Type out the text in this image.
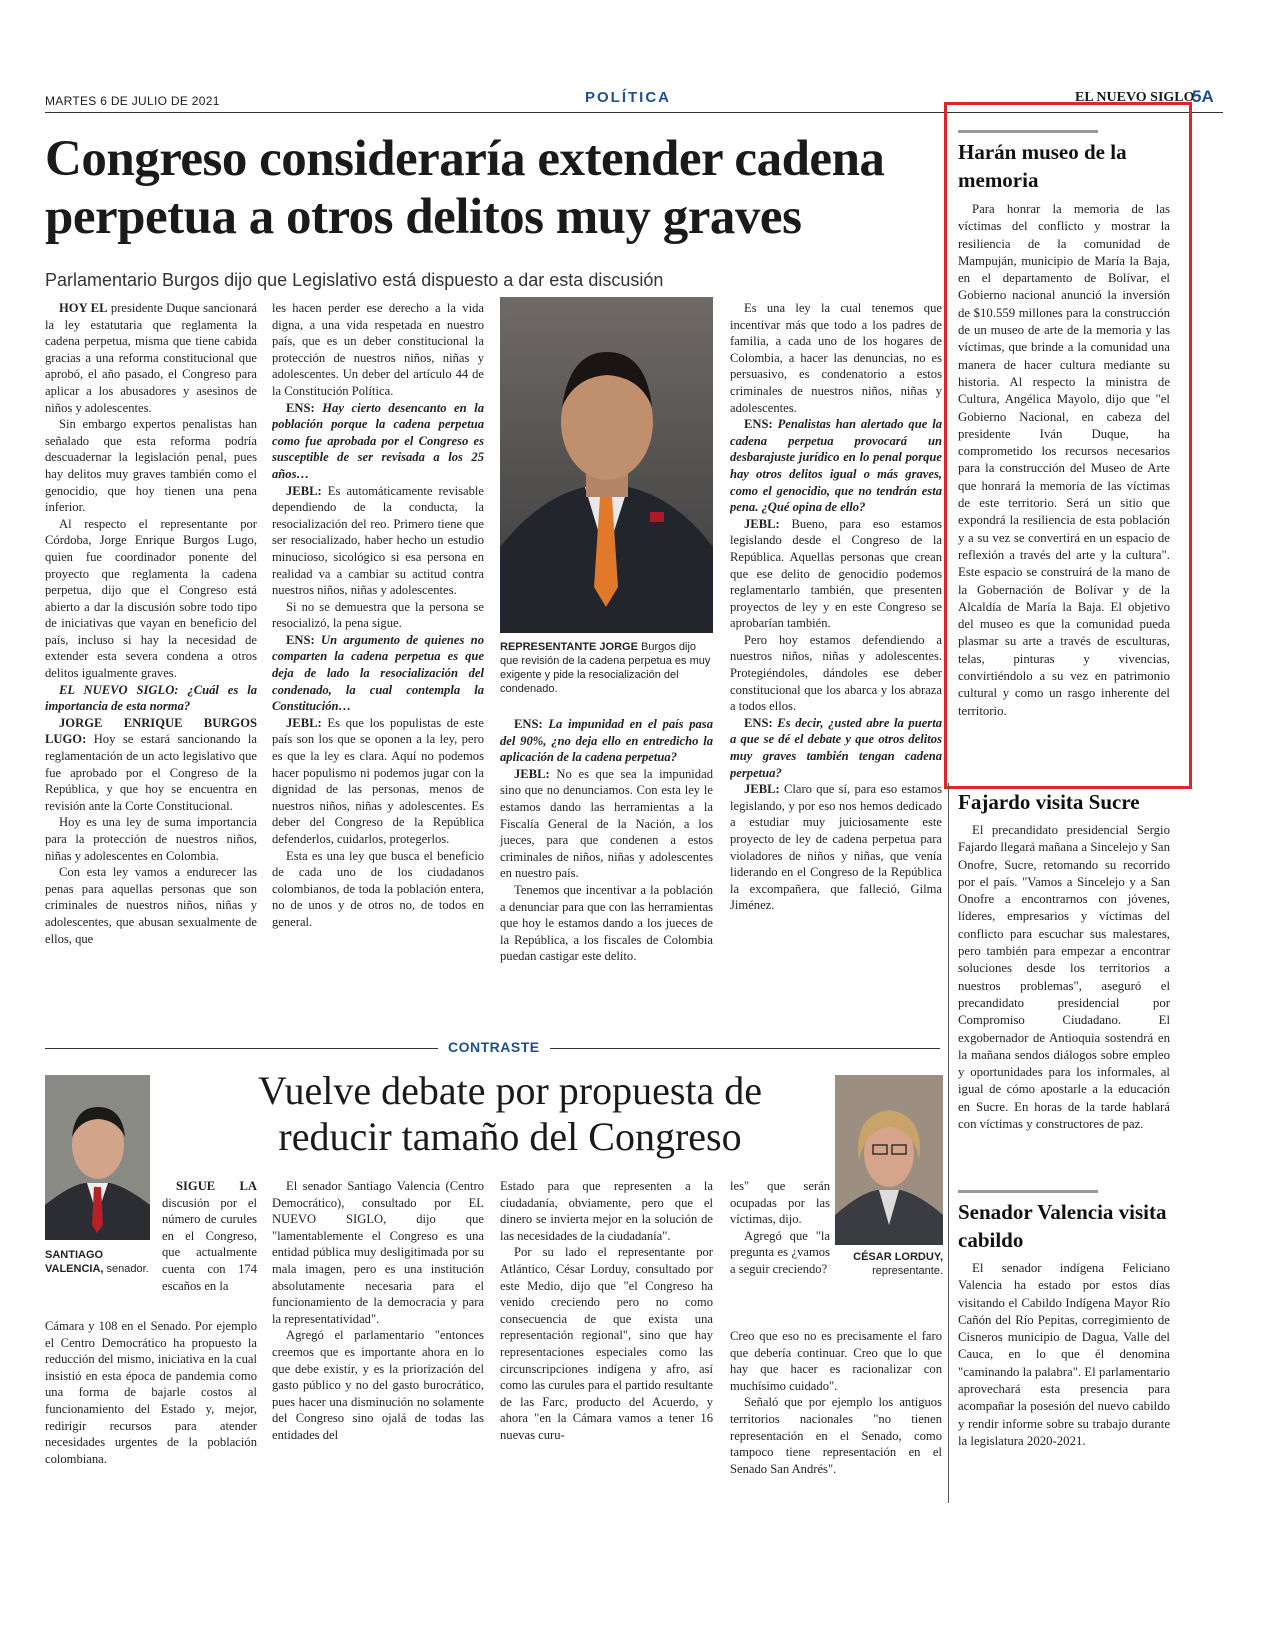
MARTES 6 DE JULIO DE 2021	POLÍTICA	EL NUEVO SIGLO
5A
Congreso consideraría extender cadena perpetua a otros delitos muy graves
Parlamentario Burgos dijo que Legislativo está dispuesto a dar esta discusión

HOY EL presidente Duque sancionará la ley estatutaria que reglamenta la cadena perpetua, misma que tiene cabida gracias a una reforma constitucional que aprobó, el año pasado, el Congreso para aplicar a los abusadores y asesinos de niños y adolescentes.

Sin embargo expertos penalistas han señalado que esta reforma podría descuadernar la legislación penal, pues hay delitos muy graves también como el genocidio, que hoy tienen una pena inferior.

Al respecto el representante por Córdoba, Jorge Enrique Burgos Lugo, quien fue coordinador ponente del proyecto que reglamenta la cadena perpetua, dijo que el Congreso está abierto a dar la discusión sobre todo tipo de iniciativas que vayan en beneficio del país, incluso si hay la necesidad de extender esta severa condena a otros delitos igualmente graves.

EL NUEVO SIGLO: ¿Cuál es la importancia de esta norma?

JORGE ENRIQUE BURGOS LUGO: Hoy se estará sancionando la reglamentación de un acto legislativo que fue aprobado por el Congreso de la República, y que hoy se encuentra en revisión ante la Corte Constitucional.

Hoy es una ley de suma importancia para la protección de nuestros niños, niñas y adolescentes en Colombia.

Con esta ley vamos a endurecer las penas para aquellas personas que son criminales de nuestros niños, niñas y adolescentes, que abusan sexualmente de ellos, que

les hacen perder ese derecho a la vida digna, a una vida respetada en nuestro país, que es un deber constitucional la protección de nuestros niños, niñas y adolescentes. Un deber del artículo 44 de la Constitución Política.

ENS: Hay cierto desencanto en la población porque la cadena perpetua como fue aprobada por el Congreso es susceptible de ser revisada a los 25 años…

JEBL: Es automáticamente revisable dependiendo de la conducta, la resocialización del reo. Primero tiene que ser resocializado, haber hecho un estudio minucioso, sicológico si esa persona en realidad va a cambiar su actitud contra nuestros niños, niñas y adolescentes.

Si no se demuestra que la persona se resocializó, la pena sigue.

ENS: Un argumento de quienes no comparten la cadena perpetua es que deja de lado la resocialización del condenado, la cual contempla la Constitución…

JEBL: Es que los populistas de este país son los que se oponen a la ley, pero es que la ley es clara. Aquí no podemos hacer populismo ni podemos jugar con la dignidad de las personas, menos de nuestros niños, niñas y adolescentes. Es deber del Congreso de la República defenderlos, cuidarlos, protegerlos.

Esta es una ley que busca el beneficio de cada uno de los ciudadanos colombianos, de toda la población entera, no de unos y de otros no, de todos en general.

REPRESENTANTE JORGE Burgos dijo que revisión de la cadena perpetua es muy exigente y pide la resocialización del condenado.

ENS: La impunidad en el país pasa del 90%, ¿no deja ello en entredicho la aplicación de la cadena perpetua?

JEBL: No es que sea la impunidad sino que no denunciamos. Con esta ley le estamos dando las herramientas a la Fiscalía General de la Nación, a los jueces, para que condenen a estos criminales de niños, niñas y adolescentes en nuestro país.

Tenemos que incentivar a la población a denunciar para que con las herramientas que hoy le estamos dando a los jueces de la República, a los fiscales de Colombia puedan castigar este delito.

Es una ley la cual tenemos que incentivar más que todo a los padres de familia, a cada uno de los hogares de Colombia, a hacer las denuncias, no es persuasivo, es condenatorio a estos criminales de nuestros niños, niñas y adolescentes.

ENS: Penalistas han alertado que la cadena perpetua provocará un desbarajuste jurídico en lo penal porque hay otros delitos igual o más graves, como el genocidio, que no tendrán esta pena. ¿Qué opina de ello?

JEBL: Bueno, para eso estamos legislando desde el Congreso de la República. Aquellas personas que crean que ese delito de genocidio podemos reglamentarlo también, que presenten proyectos de ley y en este Congreso se aprobarían también.

Pero hoy estamos defendiendo a nuestros niños, niñas y adolescentes. Protegiéndoles, dándoles ese deber constitucional que los abarca y los abraza a todos ellos.

ENS: Es decir, ¿usted abre la puerta a que se dé el debate y que otros delitos muy graves también tengan cadena perpetua?

JEBL: Claro que sí, para eso estamos legislando, y por eso nos hemos dedicado a estudiar muy juiciosamente este proyecto de ley de cadena perpetua para violadores de niños y niñas, que venía liderando en el Congreso de la República la excompañera, que falleció, Gilma Jiménez.

CONTRASTE
SANTIAGO VALENCIA, senador.
Vuelve debate por propuesta de reducir tamaño del Congreso

SIGUE LA discusión por el número de curules en el Congreso, que actualmente cuenta con 174 escaños en la

Cámara y 108 en el Senado. Por ejemplo el Centro Democrático ha propuesto la reducción del mismo, iniciativa en la cual insistió en esta época de pandemia como una forma de bajarle costos al funcionamiento del Estado y, mejor, redirigir recursos para atender necesidades urgentes de la población colombiana.

El senador Santiago Valencia (Centro Democrático), consultado por EL NUEVO SIGLO, dijo que "lamentablemente el Congreso es una entidad pública muy desligitimada por su mala imagen, pero es una institución absolutamente necesaria para el funcionamiento de la democracia y para la representatividad".

Agregó el parlamentario "entonces creemos que es importante ahora en lo que debe existir, y es la priorización del gasto público y no del gasto burocrático, pues hacer una disminución no solamente del Congreso sino ojalá de todas las entidades del

Estado para que representen a la ciudadanía, obviamente, pero que el dinero se invierta mejor en la solución de las necesidades de la ciudadanía".

Por su lado el representante por Atlántico, César Lorduy, consultado por este Medio, dijo que "el Congreso ha venido creciendo pero no como consecuencia de que exista una representación regional", sino que hay representaciones especiales como las circunscripciones indígena y afro, así como las curules para el partido resultante de las Farc, producto del Acuerdo, y ahora "en la Cámara vamos a tener 16 nuevas curu-

les" que serán ocupadas por las víctimas, dijo.

Agregó que "la pregunta es ¿vamos a seguir creciendo?

Creo que eso no es precisamente el faro que debería continuar. Creo que lo que hay que hacer es racionalizar con muchísimo cuidado".

Señaló que por ejemplo los antiguos territorios nacionales "no tienen representación en el Senado, como tampoco tiene representación en el Senado San Andrés".

CÉSAR LORDUY, representante.
Harán museo de la memoria

Para honrar la memoria de las víctimas del conflicto y mostrar la resiliencia de la comunidad de Mampuján, municipio de María la Baja, en el departamento de Bolívar, el Gobierno nacional anunció la inversión de $10.559 millones para la construcción de un museo de arte de la memoria y las víctimas, que brinde a la comunidad una manera de hacer cultura mediante su historia. Al respecto la ministra de Cultura, Angélica Mayolo, dijo que "el Gobierno Nacional, en cabeza del presidente Iván Duque, ha comprometido los recursos necesarios para la construcción del Museo de Arte que honrará la memoria de las víctimas de este territorio. Será un sitio que expondrá la resiliencia de esta población y a su vez se convertirá en un espacio de reflexión a través del arte y la cultura". Este espacio se construirá de la mano de la Gobernación de Bolívar y de la Alcaldía de María la Baja. El objetivo del museo es que la comunidad pueda plasmar su arte a través de esculturas, telas, pinturas y vivencias, convirtiéndolo a su vez en patrimonio cultural y como un rasgo inherente del territorio.

Fajardo visita Sucre

El precandidato presidencial Sergio Fajardo llegará mañana a Sincelejo y San Onofre, Sucre, retomando su recorrido por el país. "Vamos a Sincelejo y a San Onofre a encontrarnos con jóvenes, líderes, empresarios y víctimas del conflicto para escuchar sus malestares, pero también para empezar a encontrar soluciones desde los territorios a nuestros problemas", aseguró el precandidato presidencial por Compromiso Ciudadano. El exgobernador de Antioquia sostendrá en la mañana sendos diálogos sobre empleo y oportunidades para los informales, al igual de cómo apostarle a la educación en Sucre. En horas de la tarde hablará con víctimas y constructores de paz.

Senador Valencia visita cabildo

El senador indígena Feliciano Valencia ha estado por estos días visitando el Cabildo Indígena Mayor Río Cañón del Río Pepitas, corregimiento de Cisneros municipio de Dagua, Valle del Cauca, en lo que él denomina "caminando la palabra". El parlamentario aprovechará esta presencia para acompañar la posesión del nuevo cabildo y rendir informe sobre su trabajo durante la legislatura 2020-2021.
